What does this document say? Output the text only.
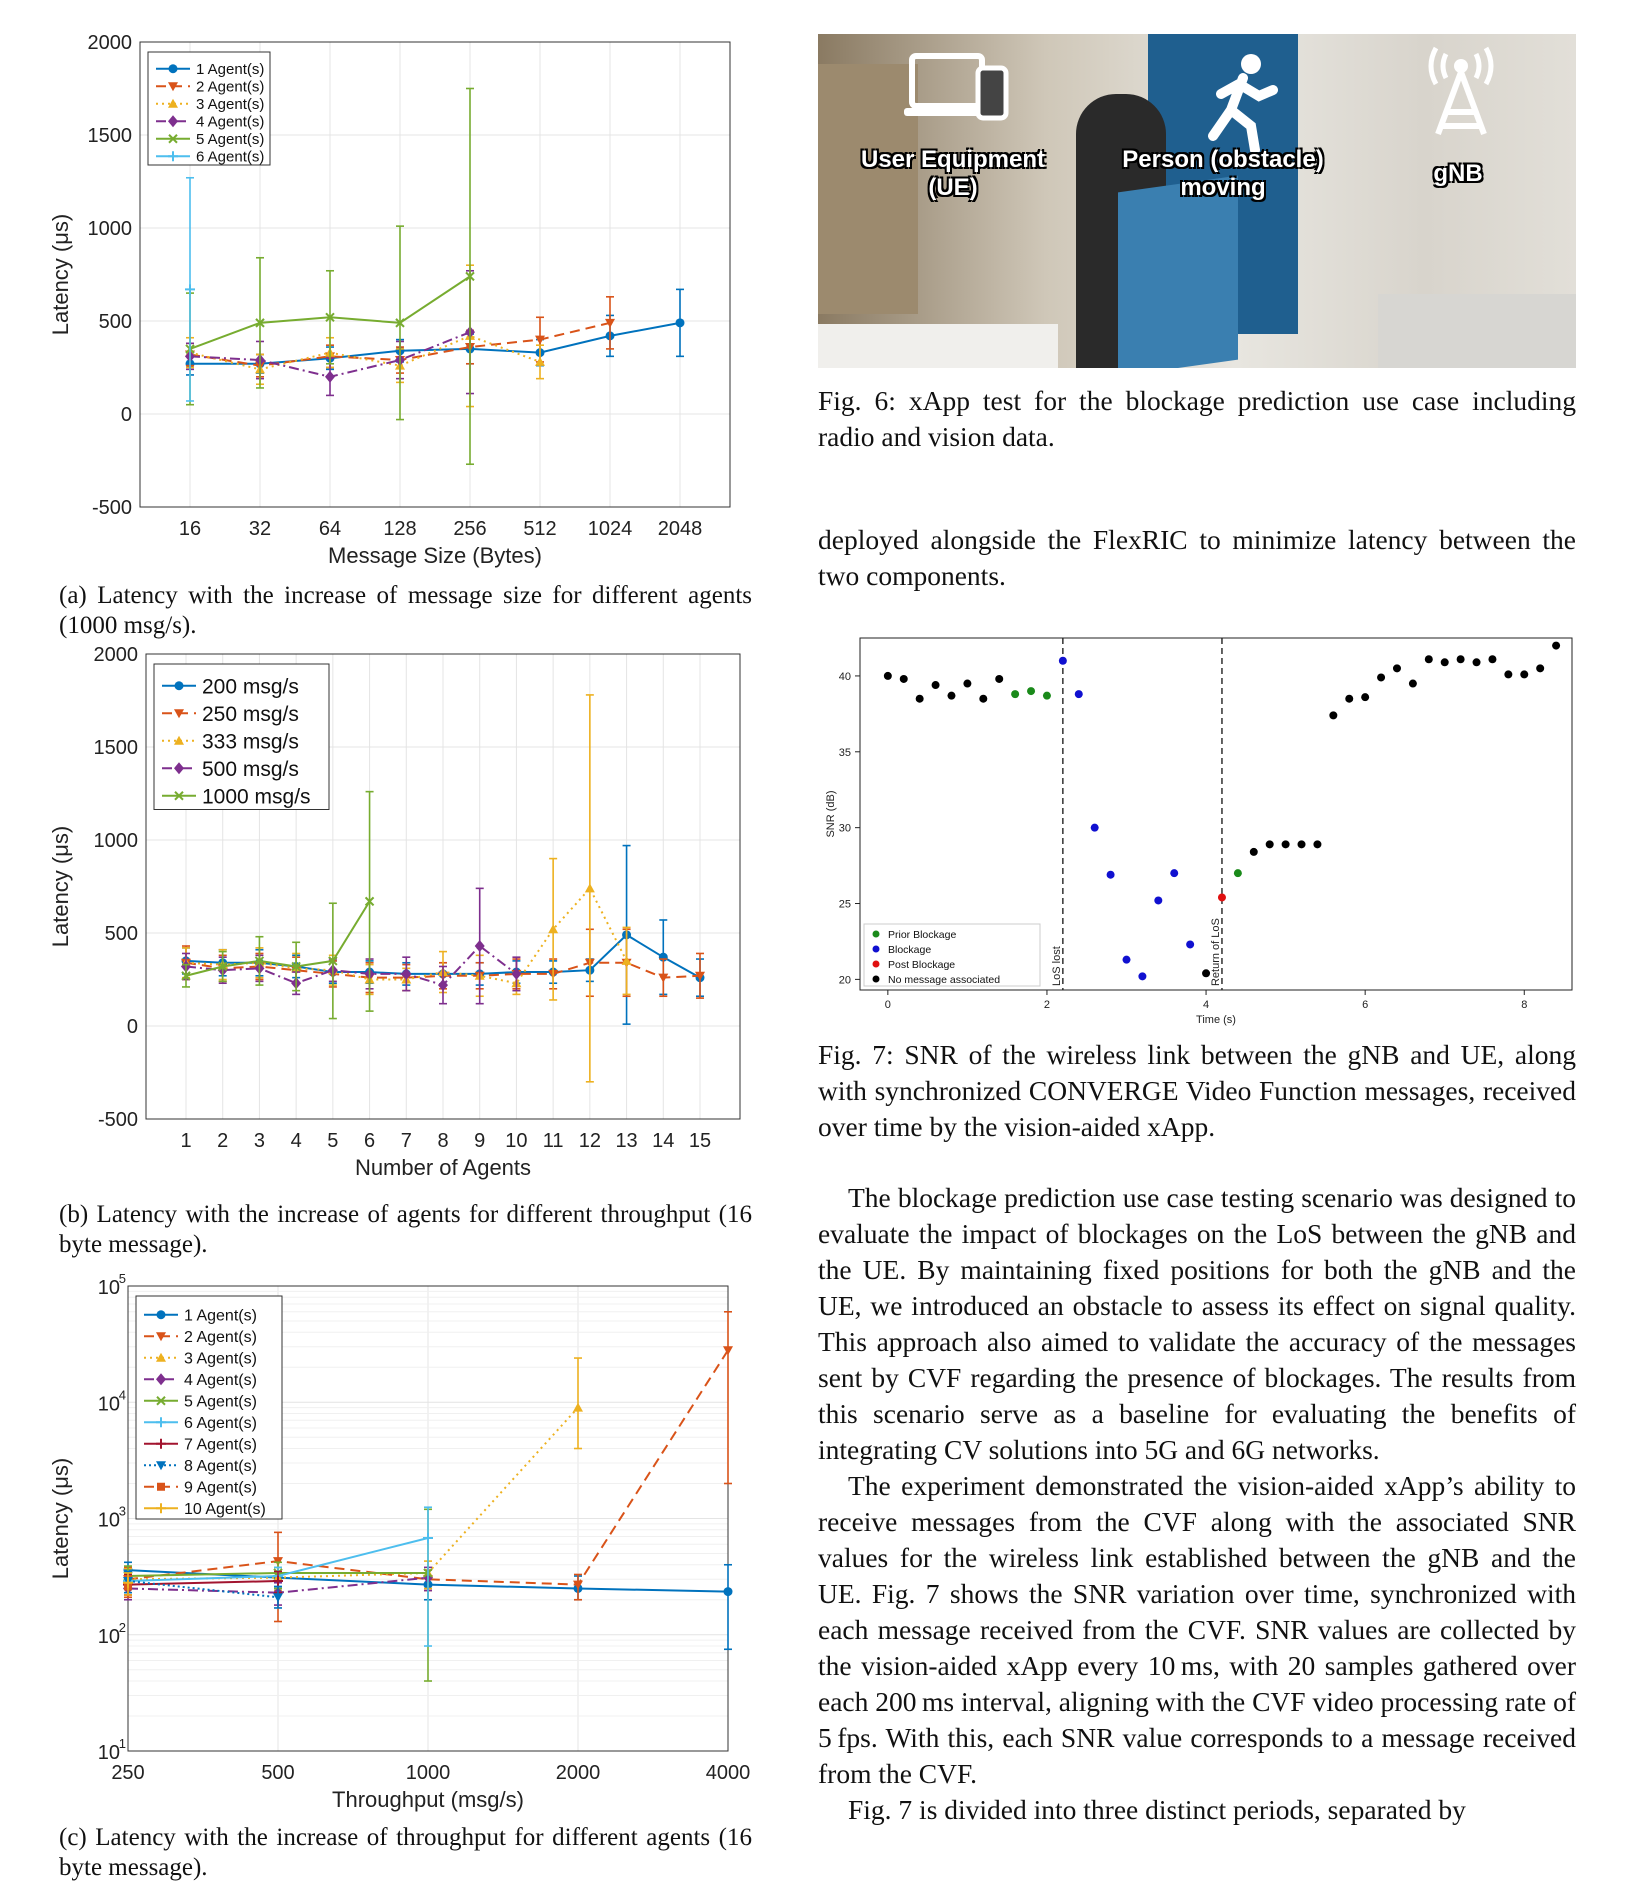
16 32 64 128 256 512 1024 2048
2000
1500
1000
500
0
-500
Message Size (Bytes)
Latency (μs)
1 Agent(s)
2 Agent(s)
3 Agent(s)
4 Agent(s)
5 Agent(s)
6 Agent(s)
(a) Latency with the increase of message size for different agents (1000 msg/s).
1 2 3 4 5 6 7 8 9 10 11 12 13 14 15
2000
1500
1000
500
0
-500
Number of Agents
Latency (μs)
200 msg/s
250 msg/s
333 msg/s
500 msg/s
1000 msg/s
(b) Latency with the increase of agents for different throughput (16 byte message).
250	500	1000	2000	4000
10
5
10
4
10
3
10
2
10
1
Throughput (msg/s)
Latency (μs)
1 Agent(s)
2 Agent(s)
3 Agent(s)
4 Agent(s)
5 Agent(s)
6 Agent(s)
7 Agent(s)
8 Agent(s)
9 Agent(s)
10 Agent(s)
(c) Latency with the increase of throughput for different agents (16 byte message).
User Equipment (UE)
Person (obstacle) moving
gNB
Fig. 6: xApp test for the blockage prediction use case including radio and vision data.

deployed alongside the FlexRIC to minimize latency between the two components.

0	2	4	6	8
40
35
30
25
20
Time (s)
SNR (dB)
LoS lost	Return of LoS
Prior Blockage
Blockage
Post Blockage
No message associated
Fig. 7: SNR of the wireless link between the gNB and UE, along with synchronized CONVERGE Video Function messages, received over time by the vision-aided xApp.

The blockage prediction use case testing scenario was designed to evaluate the impact of blockages on the LoS between the gNB and the UE. By maintaining fixed positions for both the gNB and the UE, we introduced an obstacle to assess its effect on signal quality. This approach also aimed to validate the accuracy of the messages sent by CVF regarding the presence of blockages. The results from this scenario serve as a baseline for evaluating the benefits of integrating CV solutions into 5G and 6G networks.

The experiment demonstrated the vision-aided xApp’s ability to receive messages from the CVF along with the associated SNR values for the wireless link established between the gNB and the UE. Fig. 7 shows the SNR variation over time, synchronized with each message received from the CVF. SNR values are collected by the vision-aided xApp every 10 ms, with 20 samples gathered over each 200 ms interval, aligning with the CVF video processing rate of 5 fps. With this, each SNR value corresponds to a message received from the CVF.

Fig. 7 is divided into three distinct periods, separated by
